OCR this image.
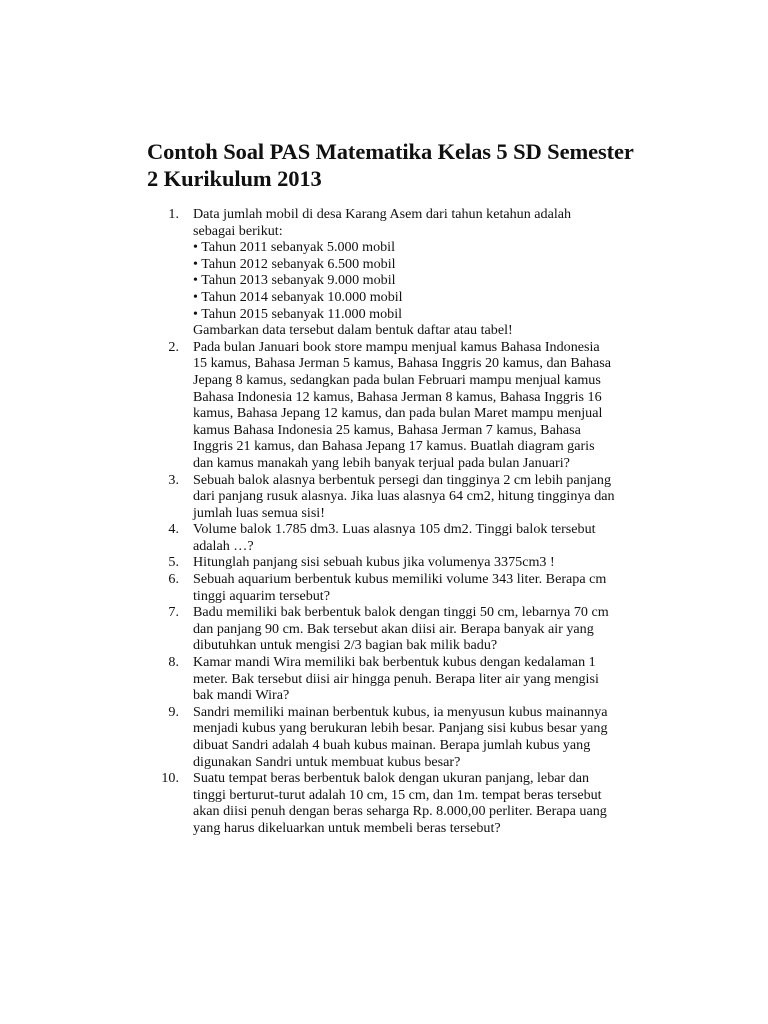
Contoh Soal PAS Matematika Kelas 5 SD Semester
2 Kurikulum 2013
1. Data jumlah mobil di desa Karang Asem dari tahun ketahun adalah
sebagai berikut:
• Tahun 2011 sebanyak 5.000 mobil
• Tahun 2012 sebanyak 6.500 mobil
• Tahun 2013 sebanyak 9.000 mobil
• Tahun 2014 sebanyak 10.000 mobil
• Tahun 2015 sebanyak 11.000 mobil
Gambarkan data tersebut dalam bentuk daftar atau tabel!
2. Pada bulan Januari book store mampu menjual kamus Bahasa Indonesia
15 kamus, Bahasa Jerman 5 kamus, Bahasa Inggris 20 kamus, dan Bahasa
Jepang 8 kamus, sedangkan pada bulan Februari mampu menjual kamus
Bahasa Indonesia 12 kamus, Bahasa Jerman 8 kamus, Bahasa Inggris 16
kamus, Bahasa Jepang 12 kamus, dan pada bulan Maret mampu menjual
kamus Bahasa Indonesia 25 kamus, Bahasa Jerman 7 kamus, Bahasa
Inggris 21 kamus, dan Bahasa Jepang 17 kamus. Buatlah diagram garis
dan kamus manakah yang lebih banyak terjual pada bulan Januari?
3. Sebuah balok alasnya berbentuk persegi dan tingginya 2 cm lebih panjang
dari panjang rusuk alasnya. Jika luas alasnya 64 cm2, hitung tingginya dan
jumlah luas semua sisi!
4. Volume balok 1.785 dm3. Luas alasnya 105 dm2. Tinggi balok tersebut
adalah …?
5. Hitunglah panjang sisi sebuah kubus jika volumenya 3375cm3 !
6. Sebuah aquarium berbentuk kubus memiliki volume 343 liter. Berapa cm
tinggi aquarim tersebut?
7. Badu memiliki bak berbentuk balok dengan tinggi 50 cm, lebarnya 70 cm
dan panjang 90 cm. Bak tersebut akan diisi air. Berapa banyak air yang
dibutuhkan untuk mengisi 2/3 bagian bak milik badu?
8. Kamar mandi Wira memiliki bak berbentuk kubus dengan kedalaman 1
meter. Bak tersebut diisi air hingga penuh. Berapa liter air yang mengisi
bak mandi Wira?
9. Sandri memiliki mainan berbentuk kubus, ia menyusun kubus mainannya
menjadi kubus yang berukuran lebih besar. Panjang sisi kubus besar yang
dibuat Sandri adalah 4 buah kubus mainan. Berapa jumlah kubus yang
digunakan Sandri untuk membuat kubus besar?
10. Suatu tempat beras berbentuk balok dengan ukuran panjang, lebar dan
tinggi berturut-turut adalah 10 cm, 15 cm, dan 1m. tempat beras tersebut
akan diisi penuh dengan beras seharga Rp. 8.000,00 perliter. Berapa uang
yang harus dikeluarkan untuk membeli beras tersebut?
